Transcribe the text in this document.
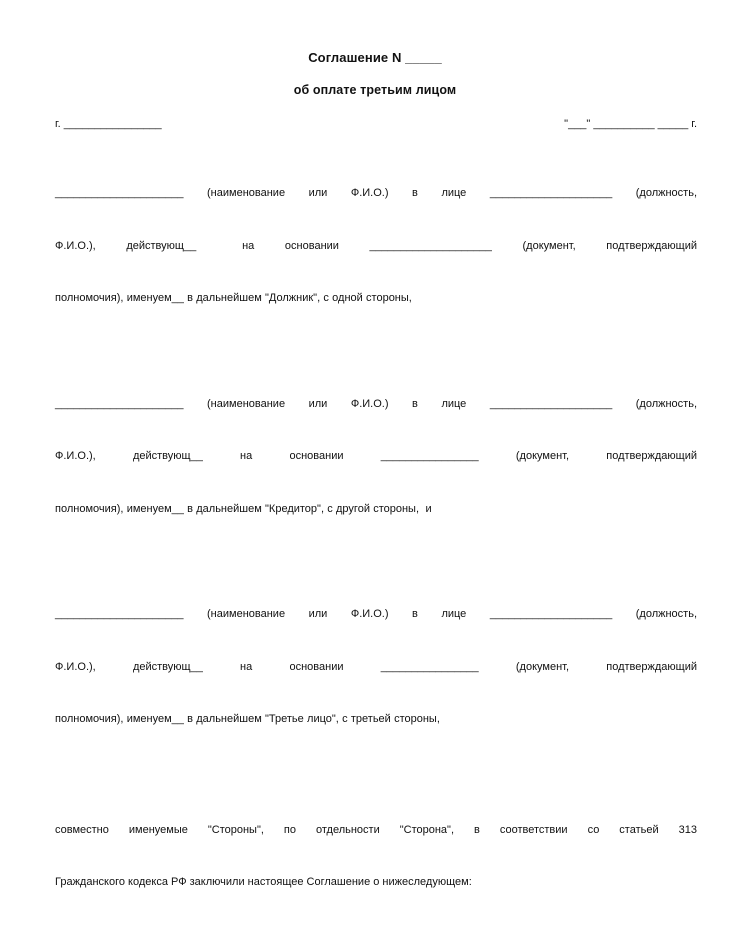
Соглашение N _____
об оплате третьим лицом
г. ________________	"___" __________ _____ г.

_____________________ (наименование или Ф.И.О.) в лице ____________________ (должность,

Ф.И.О.),  действующ__   на  основании  ____________________  (документ,  подтверждающий

полномочия), именуем__ в дальнейшем "Должник", с одной стороны,

_____________________  (наименование  или  Ф.И.О.)  в  лице  ____________________  (должность,

Ф.И.О.),    действующ__    на    основании    ________________    (документ,    подтверждающий

полномочия), именуем__ в дальнейшем "Кредитор", с другой стороны,  и

_____________________  (наименование  или  Ф.И.О.)  в  лице  ____________________  (должность,

Ф.И.О.),     действующ__     на     основании     ________________     (документ,     подтверждающий

полномочия), именуем__ в дальнейшем "Третье лицо", с третьей стороны,

совместно  именуемые  "Стороны",  по  отдельности  "Сторона",  в  соответствии  со  статьей  313

Гражданского кодекса РФ заключили настоящее Соглашение о нижеследующем:
